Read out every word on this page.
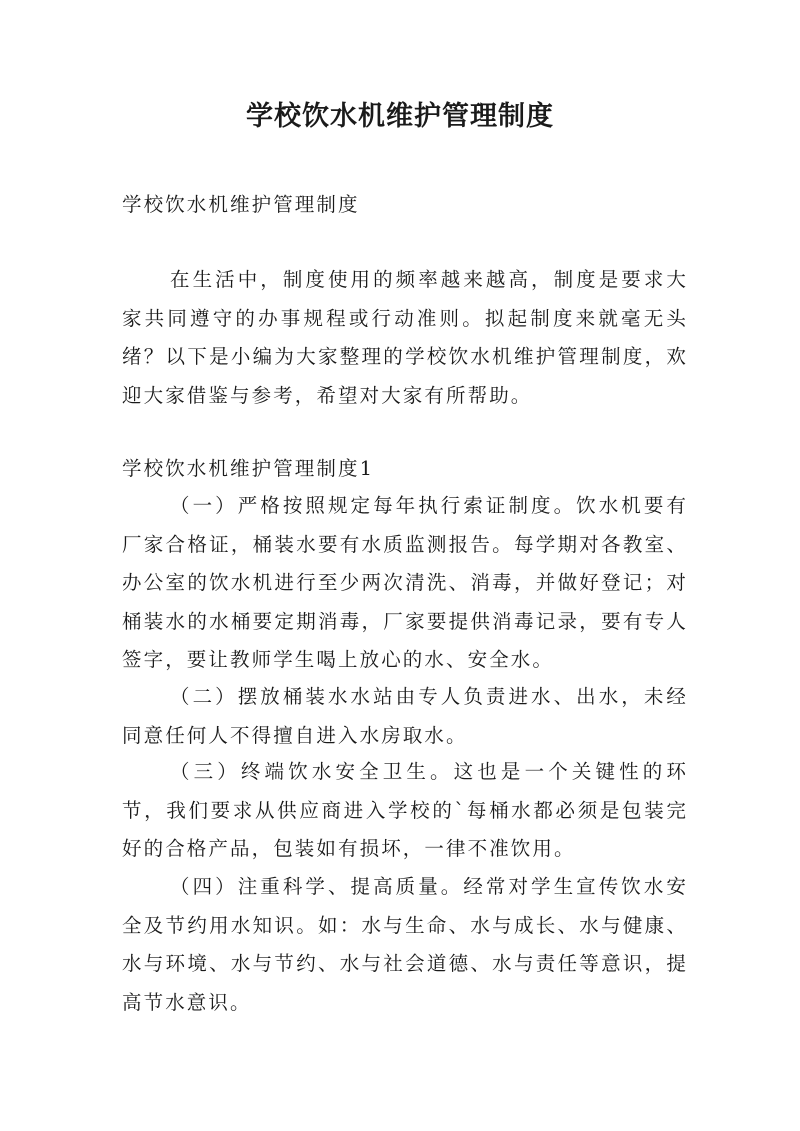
学校饮水机维护管理制度

学校饮水机维护管理制度

在生活中，制度使用的频率越来越高，制度是要求大家共同遵守的办事规程或行动准则。拟起制度来就毫无头绪？以下是小编为大家整理的学校饮水机维护管理制度，欢迎大家借鉴与参考，希望对大家有所帮助。

学校饮水机维护管理制度1

（一）严格按照规定每年执行索证制度。饮水机要有厂家合格证，桶装水要有水质监测报告。每学期对各教室、办公室的饮水机进行至少两次清洗、消毒，并做好登记；对桶装水的水桶要定期消毒，厂家要提供消毒记录，要有专人签字，要让教师学生喝上放心的水、安全水。

（二）摆放桶装水水站由专人负责进水、出水，未经同意任何人不得擅自进入水房取水。

（三）终端饮水安全卫生。这也是一个关键性的环节，我们要求从供应商进入学校的`每桶水都必须是包装完好的合格产品，包装如有损坏，一律不准饮用。

（四）注重科学、提高质量。经常对学生宣传饮水安全及节约用水知识。如：水与生命、水与成长、水与健康、水与环境、水与节约、水与社会道德、水与责任等意识，提高节水意识。
